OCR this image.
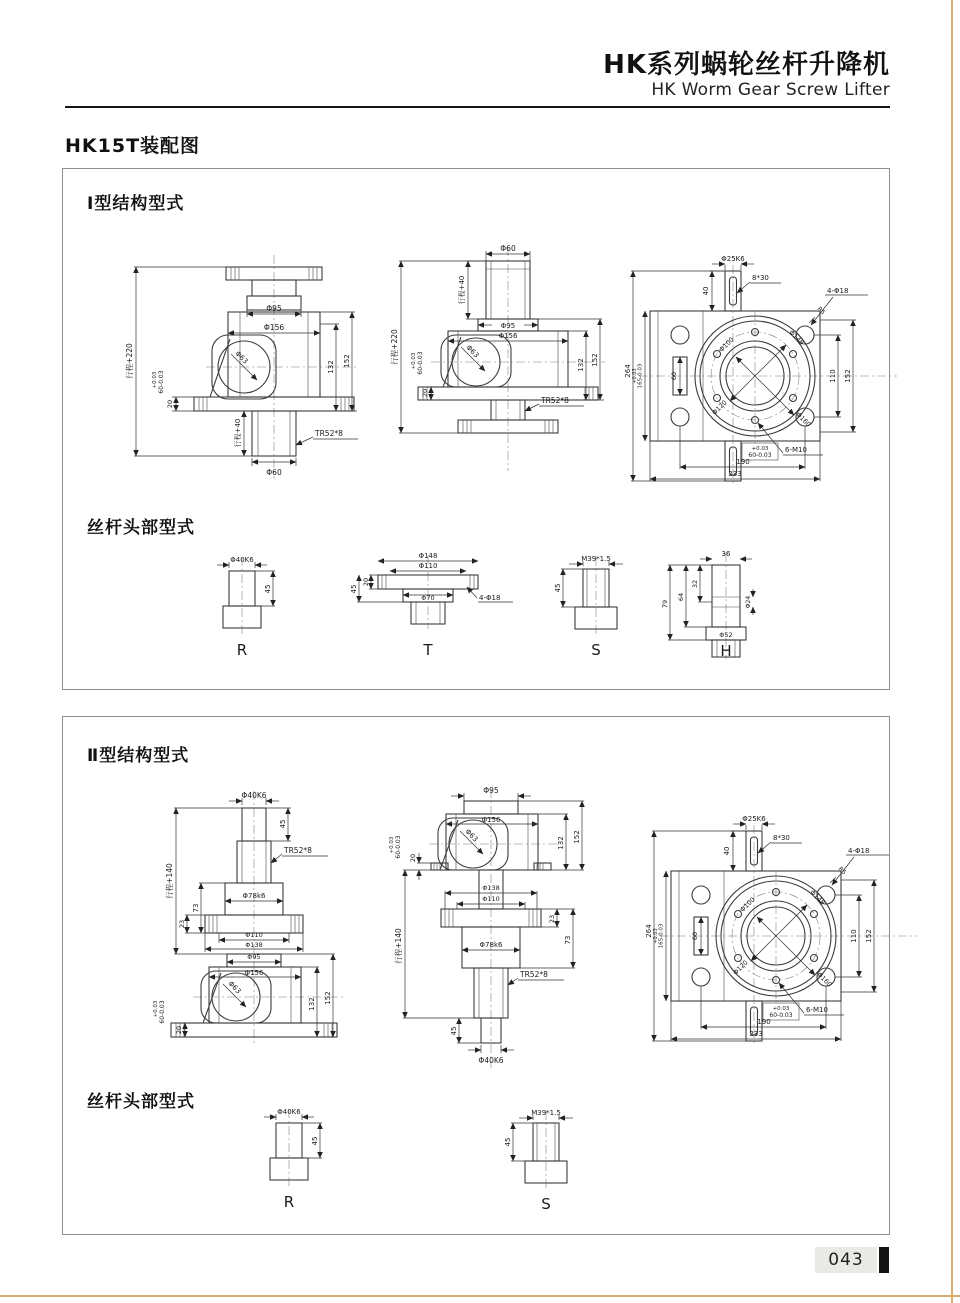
HK系列蜗轮丝杆升降机
HK Worm Gear Screw Lifter
HK15T装配图
Ⅰ型结构型式
Φ95
Φ156
Φ63
Φ60
TR52*8
132 152
行程+220
20
+0.03 60-0.03
行程+40
Φ60
行程+40
Φ95
Φ156
Φ63
132 152
行程+220
20
+0.03 60-0.03
TR52*8
Φ25K6
8*30
40
60
Φ100	Φ148
Φ120
Φ160
4-Φ18
R5
6-M10
+0.03
60-0.03
190
233
264 +0.03 165-0.03	110 152
丝杆头部型式
Φ40K6
45
R
Φ148
Φ110
Φ70
20
45
4-Φ18
T
M39*1.5
45
S
36
Φ24
Φ52
32
64
79
H
Ⅱ型结构型式
Φ40K6
45
TR52*8
行程+140	Φ78k6
73
23
Φ110
Φ138
Φ95
Φ156
Φ63
132 152
20
+0.03 60-0.03
Φ95
Φ156
Φ63
20
+0.03 60-0.03	132 152
Φ138
Φ110
23
73
Φ78k6
TR52*8
行程+140
45
Φ40K6
Φ25K6
8*30
40
60
Φ100	Φ148
Φ120
Φ160
4-Φ18
R5
6-M10
+0.03
60-0.03
190
233
264 +0.03 165-0.03	110 152
丝杆头部型式	Φ40K6
45
R
M39*1.5
45
S
043
